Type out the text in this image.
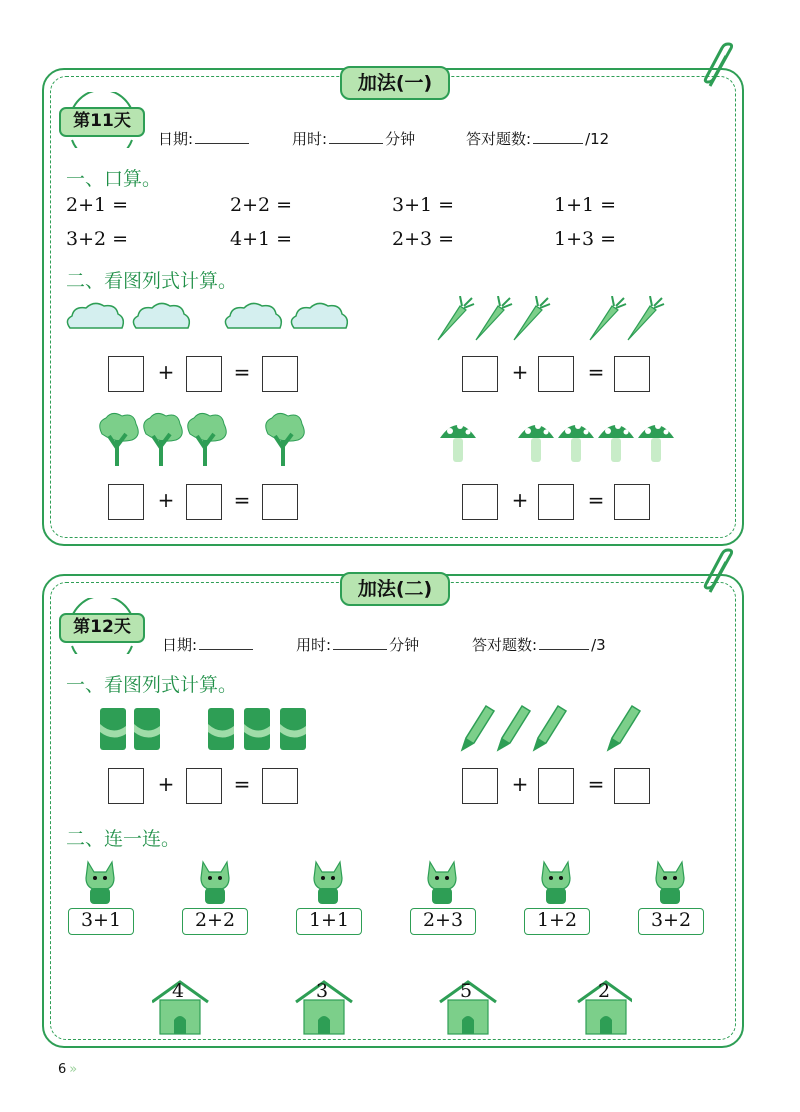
加法(一)
第11天
日期:	用时:	分钟	答对题数:	/12
一、口算。
2+1 =	2+2 =	3+1 =	1+1 =
3+2 =	4+1 =	2+3 =	1+3 =
二、看图列式计算。
+	=	+	=
+	=	+	=
加法(二)
第12天
日期:	用时:	分钟	答对题数:	/3
一、看图列式计算。
+	=	+	=
二、连一连。
3+1	2+2	1+1	2+3	1+2	3+2
4	3	5	2
6 »
